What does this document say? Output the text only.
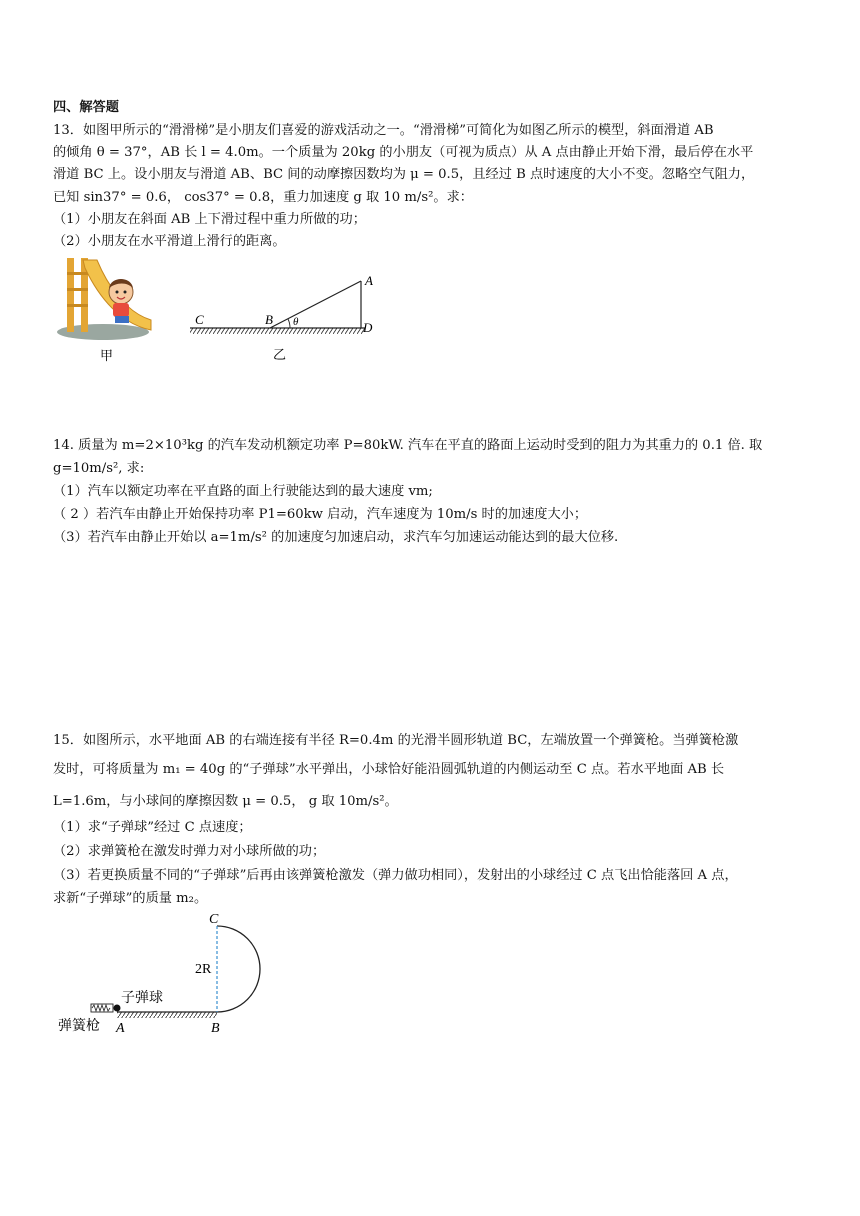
四、解答题
13．如图甲所示的“滑滑梯”是小朋友们喜爱的游戏活动之一。“滑滑梯”可简化为如图乙所示的模型，斜面滑道 AB
的倾角 θ = 37°，AB 长 l = 4.0m。一个质量为 20kg 的小朋友（可视为质点）从 A 点由静止开始下滑，最后停在水平
滑道 BC 上。设小朋友与滑道 AB、BC 间的动摩擦因数均为 μ = 0.5，且经过 B 点时速度的大小不变。忽略空气阻力，
已知 sin37° = 0.6， cos37° = 0.8，重力加速度 g 取 10 m/s²。求：
（1）小朋友在斜面 AB 上下滑过程中重力所做的功；
（2）小朋友在水平滑道上滑行的距离。
甲
A
B
C
D
θ
乙
14. 质量为 m=2×10³kg 的汽车发动机额定功率 P=80kW. 汽车在平直的路面上运动时受到的阻力为其重力的 0.1 倍. 取
g=10m/s², 求:
（1）汽车以额定功率在平直路的面上行驶能达到的最大速度 vm;
（ 2 ）若汽车由静止开始保持功率 P1=60kw 启动，汽车速度为 10m/s 时的加速度大小；
（3）若汽车由静止开始以 a=1m/s² 的加速度匀加速启动，求汽车匀加速运动能达到的最大位移.
15．如图所示，水平地面 AB 的右端连接有半径 R=0.4m 的光滑半圆形轨道 BC，左端放置一个弹簧枪。当弹簧枪激
发时，可将质量为 m₁ = 40g 的“子弹球”水平弹出，小球恰好能沿圆弧轨道的内侧运动至 C 点。若水平地面 AB 长
L=1.6m，与小球间的摩擦因数 μ = 0.5， g 取 10m/s²。
（1）求“子弹球”经过 C 点速度；
（2）求弹簧枪在激发时弹力对小球所做的功；
（3）若更换质量不同的“子弹球”后再由该弹簧枪激发（弹力做功相同），发射出的小球经过 C 点飞出恰能落回 A 点，
求新“子弹球”的质量 m₂。
C
2R
子弹球
弹簧枪 A	B
